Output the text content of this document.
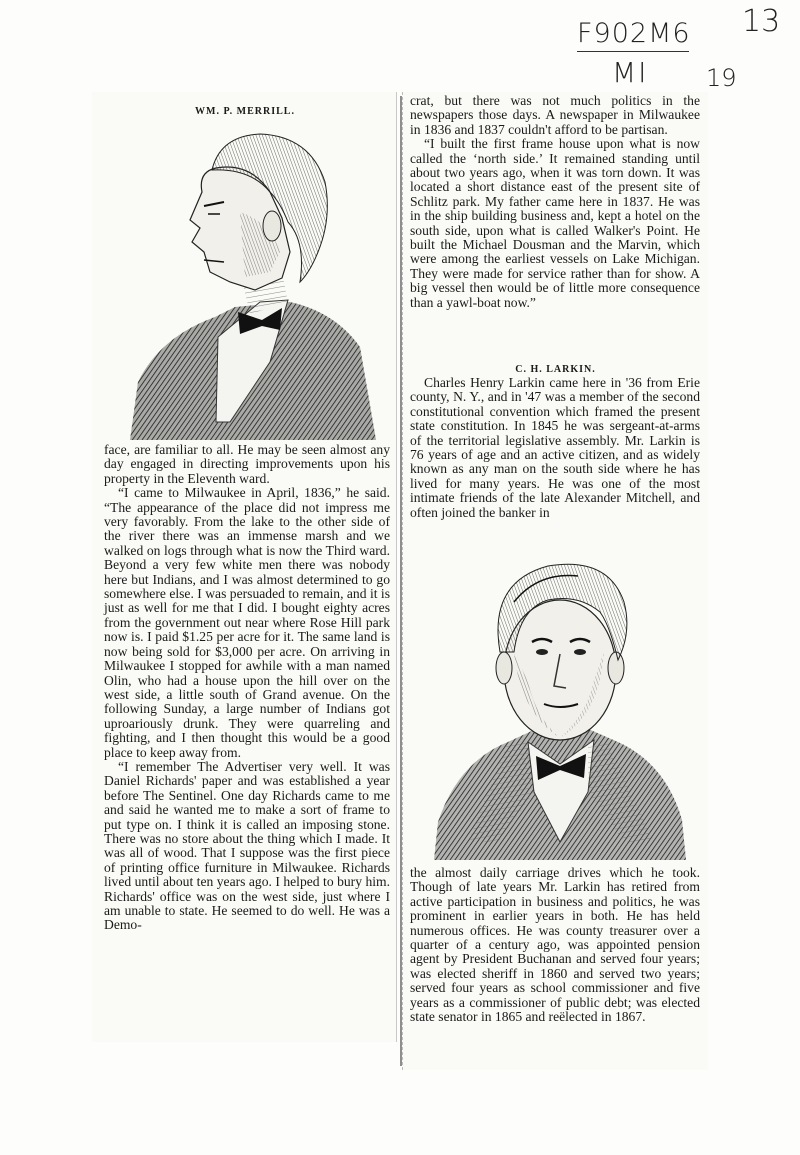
F902M6
MI
13
19
WM. P. MERRILL.

face, are familiar to all. He may be seen almost any day engaged in directing improvements upon his property in the Eleventh ward.

“I came to Milwaukee in April, 1836,” he said. “The appearance of the place did not impress me very favorably. From the lake to the other side of the river there was an immense marsh and we walked on logs through what is now the Third ward. Beyond a very few white men there was nobody here but Indians, and I was almost determined to go somewhere else. I was persuaded to remain, and it is just as well for me that I did. I bought eighty acres from the government out near where Rose Hill park now is. I paid $1.25 per acre for it. The same land is now being sold for $3,000 per acre. On arriving in Milwaukee I stopped for awhile with a man named Olin, who had a house upon the hill over on the west side, a little south of Grand avenue. On the following Sunday, a large number of Indians got uproariously drunk. They were quarreling and fighting, and I then thought this would be a good place to keep away from.

“I remember The Advertiser very well. It was Daniel Richards' paper and was established a year before The Sentinel. One day Richards came to me and said he wanted me to make a sort of frame to put type on. I think it is called an imposing stone. There was no store about the thing which I made. It was all of wood. That I suppose was the first piece of printing office furniture in Milwaukee. Richards lived until about ten years ago. I helped to bury him. Richards' office was on the west side, just where I am unable to state. He seemed to do well. He was a Demo-

crat, but there was not much politics in the newspapers those days. A newspaper in Milwaukee in 1836 and 1837 couldn't afford to be partisan.

“I built the first frame house upon what is now called the ‘north side.’ It remained standing until about two years ago, when it was torn down. It was located a short distance east of the present site of Schlitz park. My father came here in 1837. He was in the ship building business and, kept a hotel on the south side, upon what is called Walker's Point. He built the Michael Dousman and the Marvin, which were among the earliest vessels on Lake Michigan. They were made for service rather than for show. A big vessel then would be of little more consequence than a yawl-boat now.”

C. H. LARKIN.

Charles Henry Larkin came here in '36 from Erie county, N. Y., and in '47 was a member of the second constitutional convention which framed the present state constitution. In 1845 he was sergeant-at-arms of the territorial legislative assembly. Mr. Larkin is 76 years of age and an active citizen, and as widely known as any man on the south side where he has lived for many years. He was one of the most intimate friends of the late Alexander Mitchell, and often joined the banker in

the almost daily carriage drives which he took. Though of late years Mr. Larkin has retired from active participation in business and politics, he was prominent in earlier years in both. He has held numerous offices. He was county treasurer over a quarter of a century ago, was appointed pension agent by President Buchanan and served four years; was elected sheriff in 1860 and served two years; served four years as school commissioner and five years as a commissioner of public debt; was elected state senator in 1865 and reëlected in 1867.
